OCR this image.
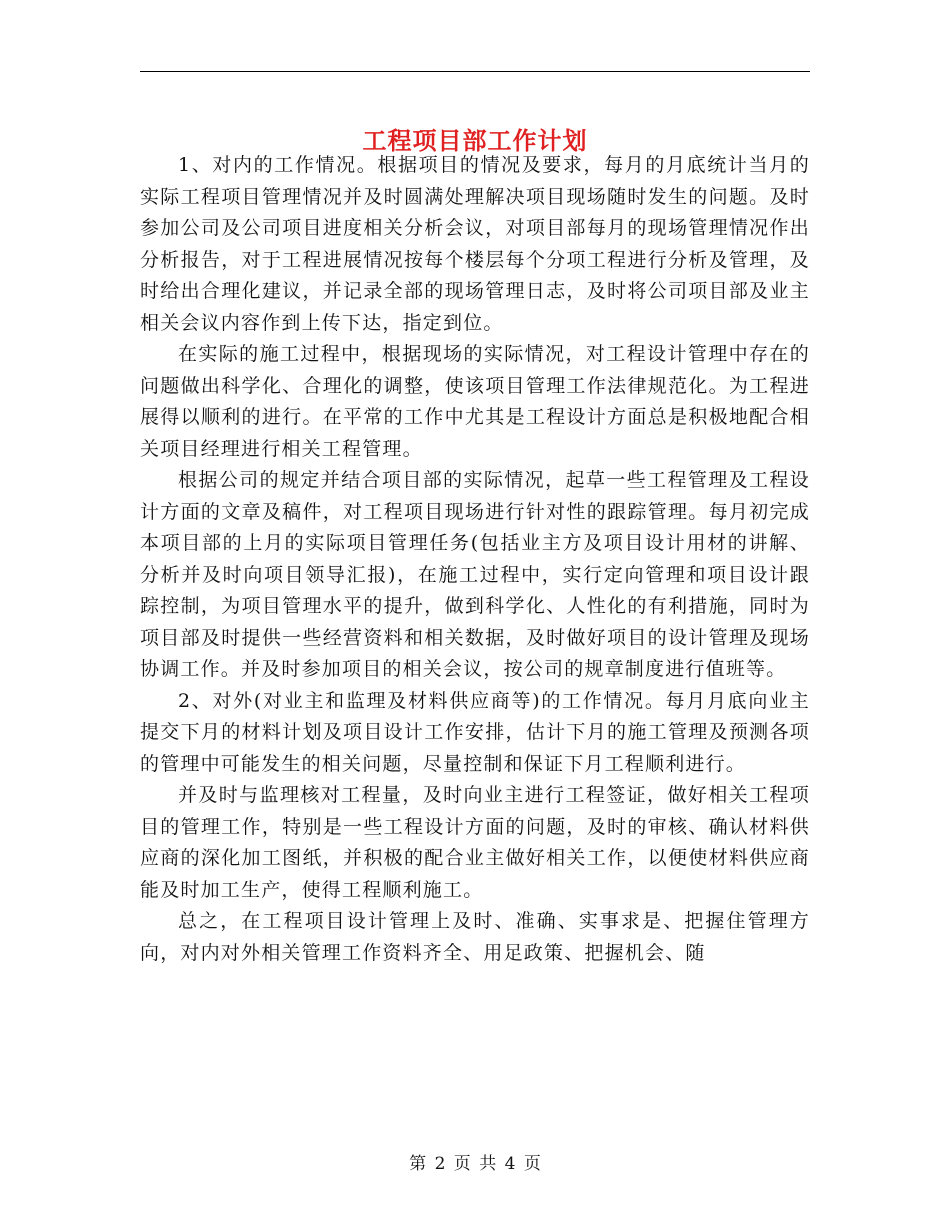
工程项目部工作计划

1、对内的工作情况。根据项目的情况及要求，每月的月底统计当月的实际工程项目管理情况并及时圆满处理解决项目现场随时发生的问题。及时参加公司及公司项目进度相关分析会议，对项目部每月的现场管理情况作出分析报告，对于工程进展情况按每个楼层每个分项工程进行分析及管理，及时给出合理化建议，并记录全部的现场管理日志，及时将公司项目部及业主相关会议内容作到上传下达，指定到位。

在实际的施工过程中，根据现场的实际情况，对工程设计管理中存在的问题做出科学化、合理化的调整，使该项目管理工作法律规范化。为工程进展得以顺利的进行。在平常的工作中尤其是工程设计方面总是积极地配合相关项目经理进行相关工程管理。

根据公司的规定并结合项目部的实际情况，起草一些工程管理及工程设计方面的文章及稿件，对工程项目现场进行针对性的跟踪管理。每月初完成本项目部的上月的实际项目管理任务(包括业主方及项目设计用材的讲解、分析并及时向项目领导汇报)，在施工过程中，实行定向管理和项目设计跟踪控制，为项目管理水平的提升，做到科学化、人性化的有利措施，同时为项目部及时提供一些经营资料和相关数据，及时做好项目的设计管理及现场协调工作。并及时参加项目的相关会议，按公司的规章制度进行值班等。

2、对外(对业主和监理及材料供应商等)的工作情况。每月月底向业主提交下月的材料计划及项目设计工作安排，估计下月的施工管理及预测各项的管理中可能发生的相关问题，尽量控制和保证下月工程顺利进行。

并及时与监理核对工程量，及时向业主进行工程签证，做好相关工程项目的管理工作，特别是一些工程设计方面的问题，及时的审核、确认材料供应商的深化加工图纸，并积极的配合业主做好相关工作，以便使材料供应商能及时加工生产，使得工程顺利施工。

总之，在工程项目设计管理上及时、准确、实事求是、把握住管理方向，对内对外相关管理工作资料齐全、用足政策、把握机会、随

第 2 页 共 4 页
